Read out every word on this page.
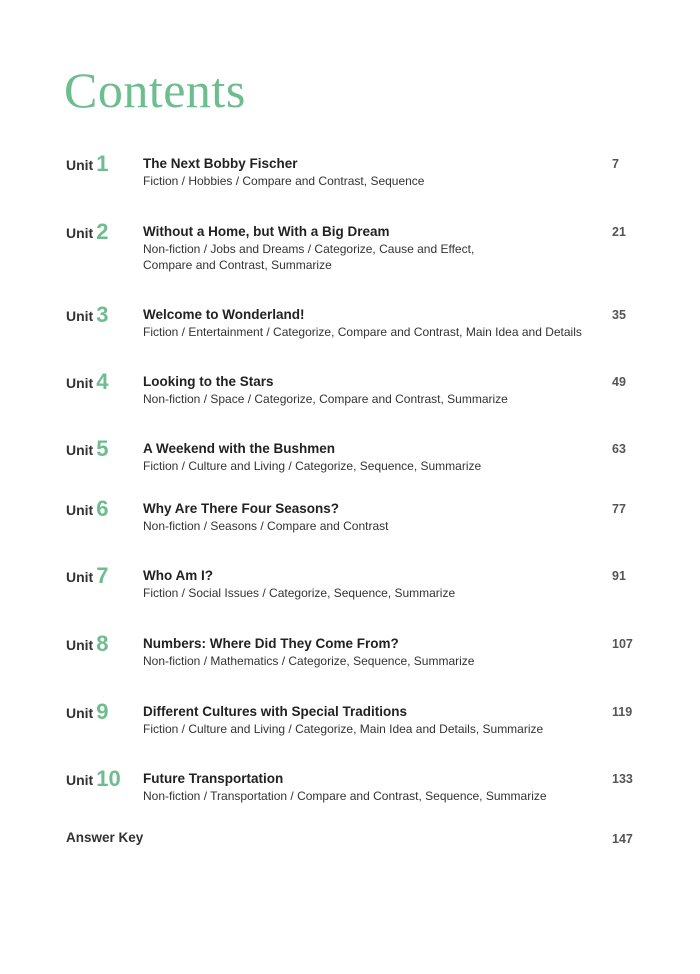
Contents
Unit 1	The Next Bobby Fischer
Fiction / Hobbies / Compare and Contrast, Sequence
7
Unit 2	Without a Home, but With a Big Dream
Non-fiction / Jobs and Dreams / Categorize, Cause and Effect, Compare and Contrast, Summarize
21
Unit 3	Welcome to Wonderland!
Fiction / Entertainment / Categorize, Compare and Contrast, Main Idea and Details
35
Unit 4	Looking to the Stars
Non-fiction / Space / Categorize, Compare and Contrast, Summarize
49
Unit 5	A Weekend with the Bushmen
Fiction / Culture and Living / Categorize, Sequence, Summarize
63
Unit 6	Why Are There Four Seasons?
Non-fiction / Seasons / Compare and Contrast
77
Unit 7	Who Am I?
Fiction / Social Issues / Categorize, Sequence, Summarize
91
Unit 8	Numbers: Where Did They Come From?
Non-fiction / Mathematics / Categorize, Sequence, Summarize
107
Unit 9	Different Cultures with Special Traditions
Fiction / Culture and Living / Categorize, Main Idea and Details, Summarize
119
Unit 10 Future Transportation
Non-fiction / Transportation / Compare and Contrast, Sequence, Summarize
133
Answer Key	147
